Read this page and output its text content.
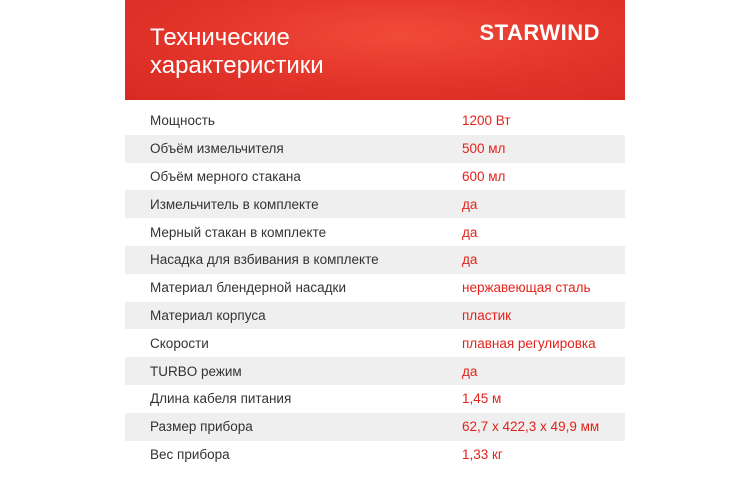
Технические
характеристики
STARWIND
Мощность	1200 Вт
Объём измельчителя	500 мл
Объём мерного стакана	600 мл
Измельчитель в комплекте	да
Мерный стакан в комплекте	да
Насадка для взбивания в комплекте	да
Материал блендерной насадки	нержавеющая сталь
Материал корпуса	пластик
Скорости	плавная регулировка
TURBO режим	да
Длина кабеля питания	1,45 м
Размер прибора	62,7 x 422,3 x 49,9 мм
Вес прибора	1,33 кг
